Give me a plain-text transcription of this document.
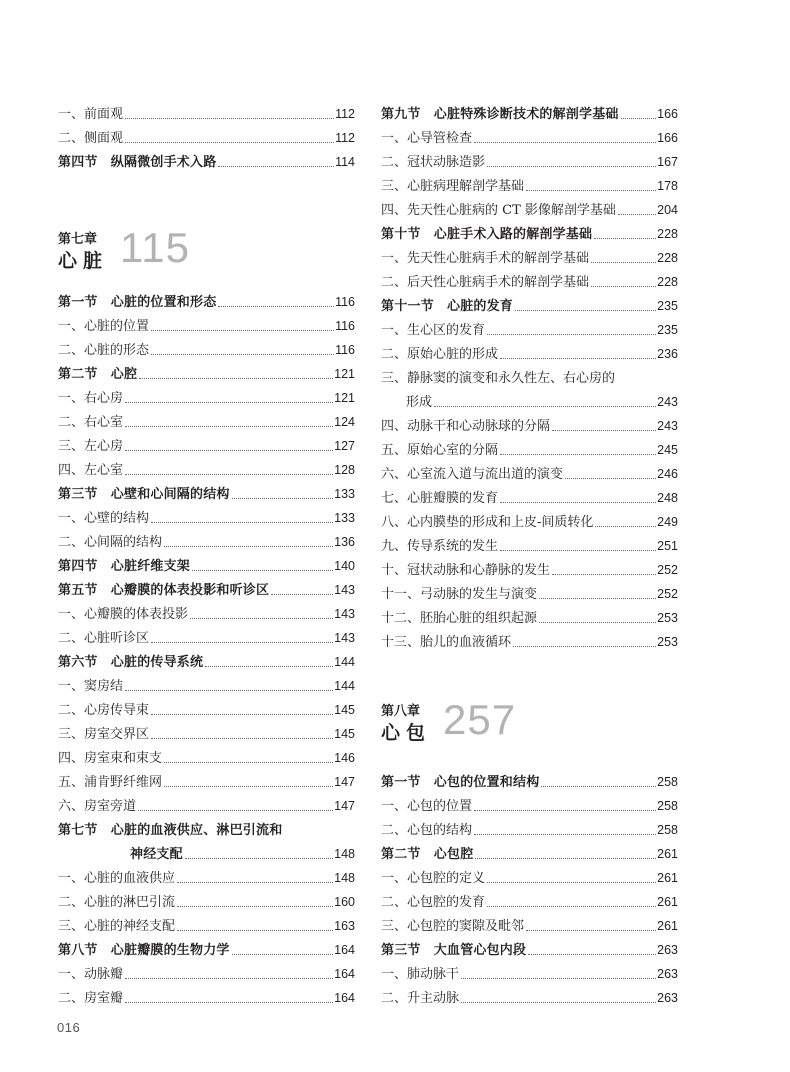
一、前面观	112
二、侧面观	112
第四节　纵隔微创手术入路	114
第七章
心脏 115
第一节　心脏的位置和形态	116
一、心脏的位置	116
二、心脏的形态	116
第二节　心腔	121
一、右心房	121
二、右心室	124
三、左心房	127
四、左心室	128
第三节　心壁和心间隔的结构	133
一、心壁的结构	133
二、心间隔的结构	136
第四节　心脏纤维支架	140
第五节　心瓣膜的体表投影和听诊区	143
一、心瓣膜的体表投影	143
二、心脏听诊区	143
第六节　心脏的传导系统	144
一、窦房结	144
二、心房传导束	145
三、房室交界区	145
四、房室束和束支	146
五、浦肯野纤维网	147
六、房室旁道	147
第七节　心脏的血液供应、淋巴引流和
神经支配	148
一、心脏的血液供应	148
二、心脏的淋巴引流	160
三、心脏的神经支配	163
第八节　心脏瓣膜的生物力学	164
一、动脉瓣	164
二、房室瓣	164
第九节　心脏特殊诊断技术的解剖学基础	166
一、心导管检查	166
二、冠状动脉造影	167
三、心脏病理解剖学基础	178
四、先天性心脏病的 CT 影像解剖学基础	204
第十节　心脏手术入路的解剖学基础	228
一、先天性心脏病手术的解剖学基础	228
二、后天性心脏病手术的解剖学基础	228
第十一节　心脏的发育	235
一、生心区的发育	235
二、原始心脏的形成	236
三、静脉窦的演变和永久性左、右心房的
形成	243
四、动脉干和心动脉球的分隔	243
五、原始心室的分隔	245
六、心室流入道与流出道的演变	246
七、心脏瓣膜的发育	248
八、心内膜垫的形成和上皮-间质转化	249
九、传导系统的发生	251
十、冠状动脉和心静脉的发生	252
十一、弓动脉的发生与演变	252
十二、胚胎心脏的组织起源	253
十三、胎儿的血液循环	253
第八章
心包 257
第一节　心包的位置和结构	258
一、心包的位置	258
二、心包的结构	258
第二节　心包腔	261
一、心包腔的定义	261
二、心包腔的发育	261
三、心包腔的窦隙及毗邻	261
第三节　大血管心包内段	263
一、肺动脉干	263
二、升主动脉	263
016
